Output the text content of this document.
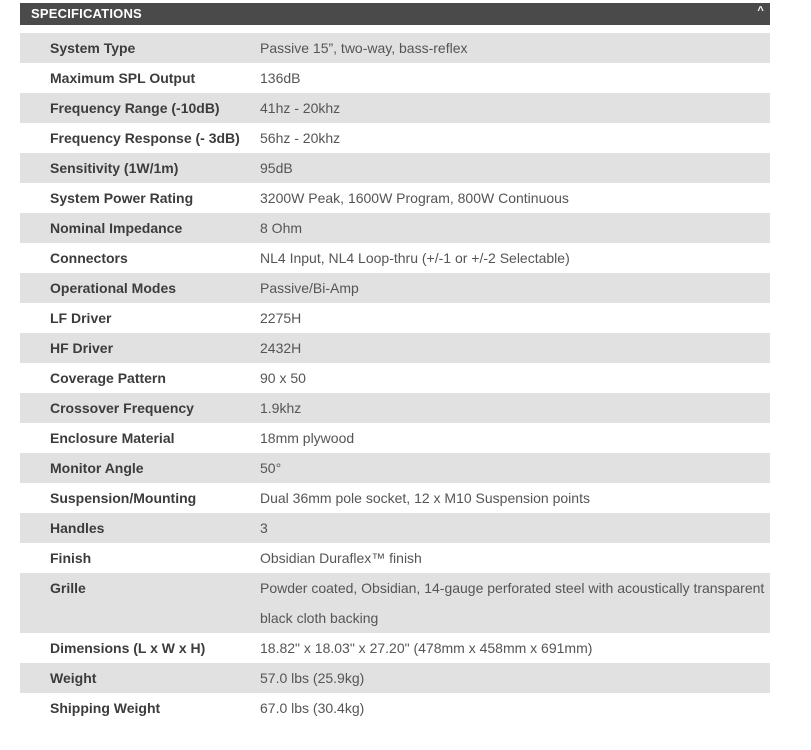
SPECIFICATIONS	^
System Type	Passive 15”, two-way, bass-reflex
Maximum SPL Output	136dB
Frequency Range (-10dB)	41hz - 20khz
Frequency Response (- 3dB)	56hz - 20khz
Sensitivity (1W/1m)	95dB
System Power Rating	3200W Peak, 1600W Program, 800W Continuous
Nominal Impedance	8 Ohm
Connectors	NL4 Input, NL4 Loop-thru (+/-1 or +/-2 Selectable)
Operational Modes	Passive/Bi-Amp
LF Driver	2275H
HF Driver	2432H
Coverage Pattern	90 x 50
Crossover Frequency	1.9khz
Enclosure Material	18mm plywood
Monitor Angle	50°
Suspension/Mounting	Dual 36mm pole socket, 12 x M10 Suspension points
Handles	3
Finish	Obsidian Duraflex™ finish
Grille	Powder coated, Obsidian, 14-gauge perforated steel with acoustically transparent black cloth backing
Dimensions (L x W x H)	18.82" x 18.03" x 27.20" (478mm x 458mm x 691mm)
Weight	57.0 lbs (25.9kg)
Shipping Weight	67.0 lbs (30.4kg)
